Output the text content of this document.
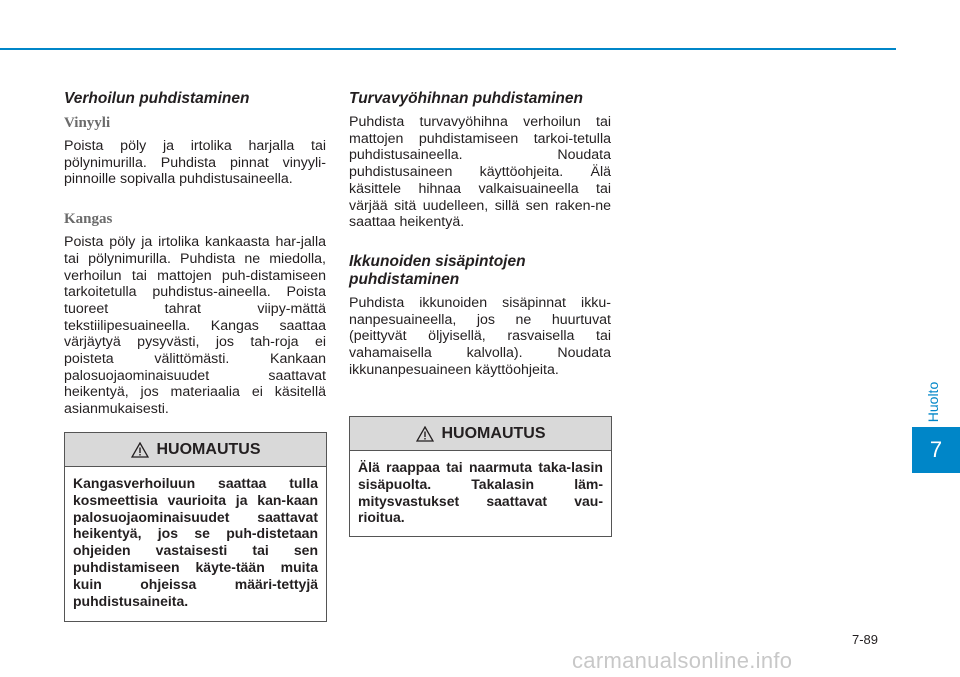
Verhoilun puhdistaminen
Vinyyli

Poista pöly ja irtolika harjalla tai pölynimurilla. Puhdista pinnat vinyyli-pinnoille sopivalla puhdistusaineella.

Kangas

Poista pöly ja irtolika kankaasta har-jalla tai pölynimurilla. Puhdista ne miedolla, verhoilun tai mattojen puh-distamiseen tarkoitetulla puhdistus-aineella. Poista tuoreet tahrat viipy-mättä tekstiilipesuaineella. Kangas saattaa värjäytyä pysyvästi, jos tah-roja ei poisteta välittömästi. Kankaan palosuojaominaisuudet saattavat heikentyä, jos materiaalia ei käsitellä asianmukaisesti.

Turvavyöhihnan puhdistaminen

Puhdista turvavyöhihna verhoilun tai mattojen puhdistamiseen tarkoi-tetulla puhdistusaineella. Noudata puhdistusaineen käyttöohjeita. Älä käsittele hihnaa valkaisuaineella tai värjää sitä uudelleen, sillä sen raken-ne saattaa heikentyä.

Ikkunoiden sisäpintojen
puhdistaminen

Puhdista ikkunoiden sisäpinnat ikku-nanpesuaineella, jos ne huurtuvat (peittyvät öljyisellä, rasvaisella tai vahamaisella kalvolla). Noudata ikkunanpesuaineen käyttöohjeita.

HUOMAUTUS
Kangasverhoiluun saattaa tulla kosmeettisia vaurioita ja kan-kaan palosuojaominaisuudet saattavat heikentyä, jos se puh-distetaan ohjeiden vastaisesti tai sen puhdistamiseen käyte-tään muita kuin ohjeissa määri-tettyjä puhdistusaineita.
HUOMAUTUS
Älä raappaa tai naarmuta taka-lasin sisäpuolta. Takalasin läm-mitysvastukset saattavat vau-rioitua.
Huolto
7
7-89
carmanualsonline.info
